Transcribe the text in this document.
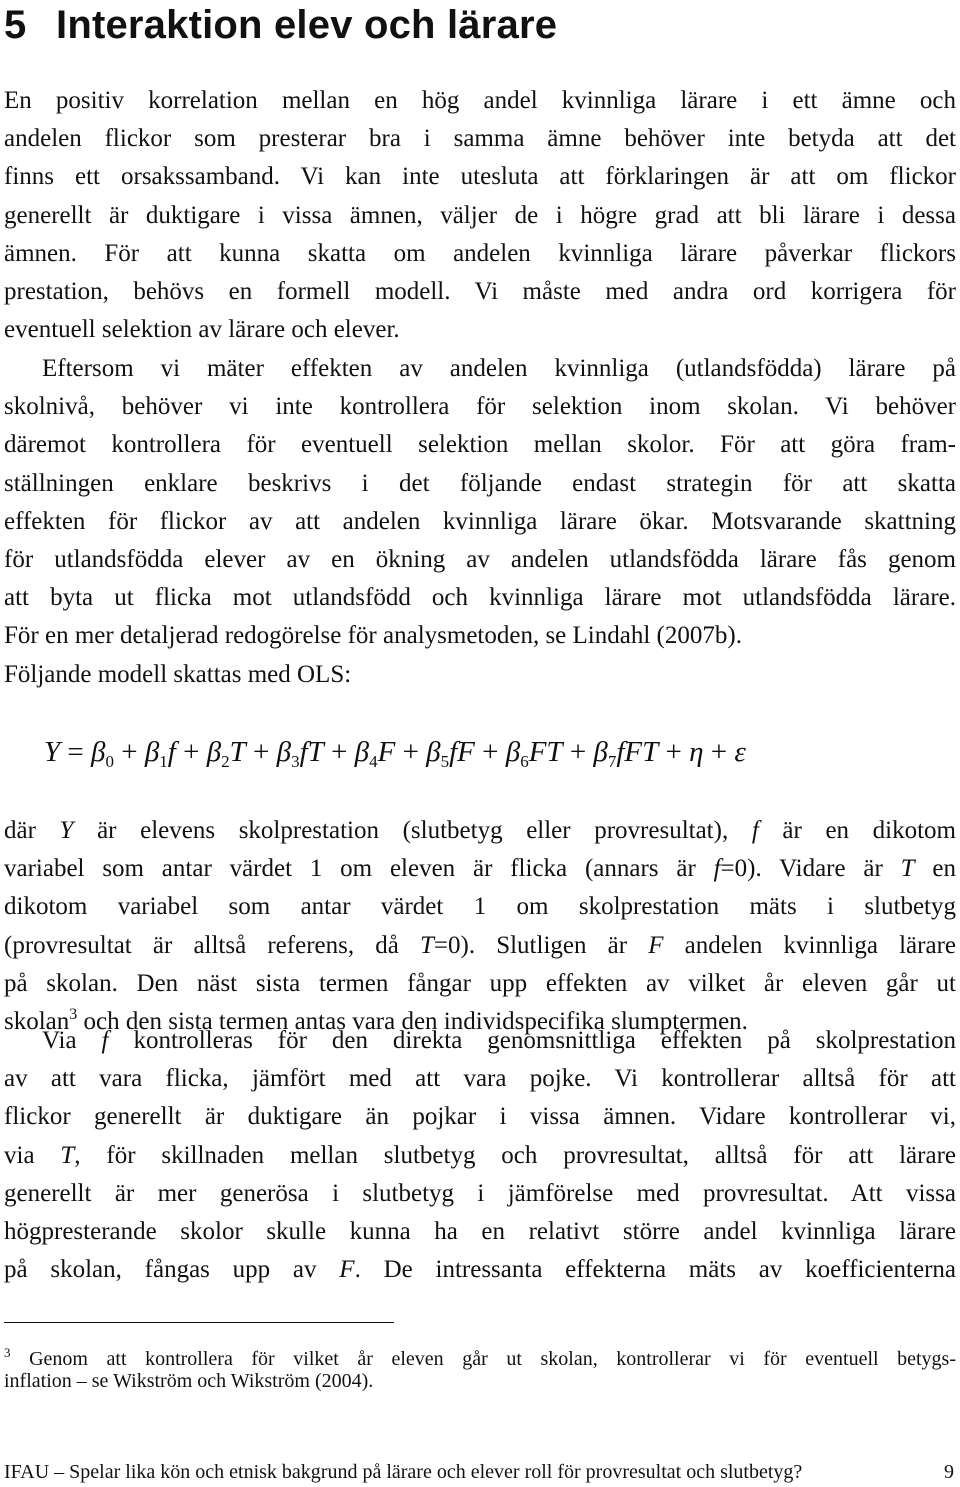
5 Interaktion elev och lärare
En positiv korrelation mellan en hög andel kvinnliga lärare i ett ämne och
andelen flickor som presterar bra i samma ämne behöver inte betyda att det
finns ett orsakssamband. Vi kan inte utesluta att förklaringen är att om flickor
generellt är duktigare i vissa ämnen, väljer de i högre grad att bli lärare i dessa
ämnen. För att kunna skatta om andelen kvinnliga lärare påverkar flickors
prestation, behövs en formell modell. Vi måste med andra ord korrigera för
eventuell selektion av lärare och elever.
Eftersom vi mäter effekten av andelen kvinnliga (utlandsfödda) lärare på
skolnivå, behöver vi inte kontrollera för selektion inom skolan. Vi behöver
däremot kontrollera för eventuell selektion mellan skolor. För att göra fram-
ställningen enklare beskrivs i det följande endast strategin för att skatta
effekten för flickor av att andelen kvinnliga lärare ökar. Motsvarande skattning
för utlandsfödda elever av en ökning av andelen utlandsfödda lärare fås genom
att byta ut flicka mot utlandsfödd och kvinnliga lärare mot utlandsfödda lärare.
För en mer detaljerad redogörelse för analysmetoden, se Lindahl (2007b).
Följande modell skattas med OLS:
$Y = \beta_0 + \beta_1f + \beta_2T + \beta_3fT + \beta_4F + \beta_5fF + \beta_6FT + \beta_7fFT + \eta + \varepsilon$
där Y är elevens skolprestation (slutbetyg eller provresultat), f är en dikotom
variabel som antar värdet 1 om eleven är flicka (annars är f=0). Vidare är T en
dikotom variabel som antar värdet 1 om skolprestation mäts i slutbetyg
(provresultat är alltså referens, då T=0). Slutligen är F andelen kvinnliga lärare
på skolan. Den näst sista termen fångar upp effekten av vilket år eleven går ut
skolan$^3$ och den sista termen antas vara den individspecifika slumptermen.
Via f kontrolleras för den direkta genomsnittliga effekten på skolprestation
av att vara flicka, jämfört med att vara pojke. Vi kontrollerar alltså för att
flickor generellt är duktigare än pojkar i vissa ämnen. Vidare kontrollerar vi,
via T, för skillnaden mellan slutbetyg och provresultat, alltså för att lärare
generellt är mer generösa i slutbetyg i jämförelse med provresultat. Att vissa
högpresterande skolor skulle kunna ha en relativt större andel kvinnliga lärare
på skolan, fångas upp av F. De intressanta effekterna mäts av koefficienterna
$^3$ Genom att kontrollera för vilket år eleven går ut skolan, kontrollerar vi för eventuell betygs-
inflation – se Wikström och Wikström (2004).
IFAU – Spelar lika kön och etnisk bakgrund på lärare och elever roll för provresultat och slutbetyg?	9
